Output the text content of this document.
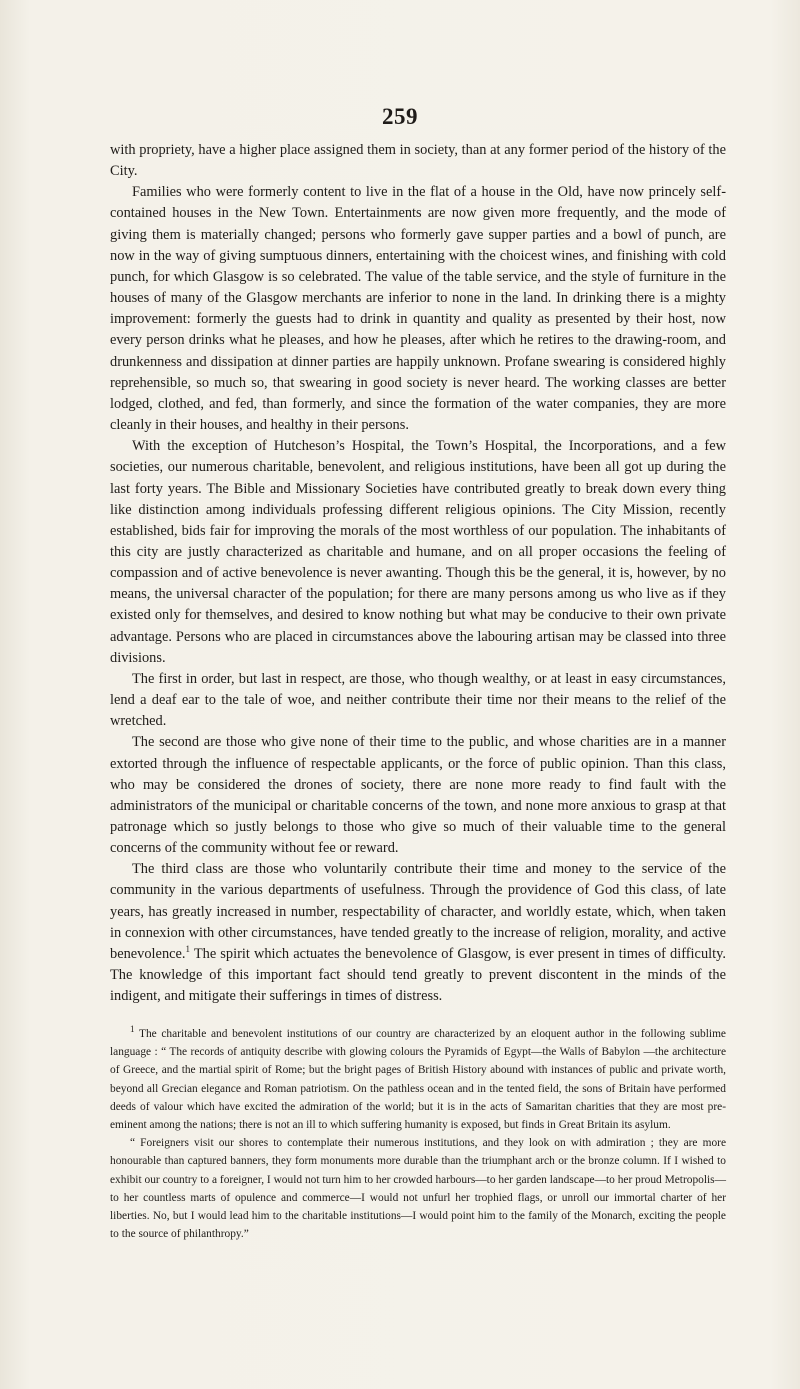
259

with propriety, have a higher place assigned them in society, than at any former period of the history of the City.

Families who were formerly content to live in the flat of a house in the Old, have now princely self-contained houses in the New Town. Entertainments are now given more frequently, and the mode of giving them is materially changed; persons who formerly gave supper parties and a bowl of punch, are now in the way of giving sumptuous dinners, entertaining with the choicest wines, and finishing with cold punch, for which Glasgow is so celebrated. The value of the table service, and the style of furniture in the houses of many of the Glasgow merchants are inferior to none in the land. In drinking there is a mighty improvement: formerly the guests had to drink in quantity and quality as presented by their host, now every person drinks what he pleases, and how he pleases, after which he retires to the drawing-room, and drunkenness and dissipation at dinner parties are happily unknown. Profane swearing is considered highly reprehensible, so much so, that swearing in good society is never heard. The working classes are better lodged, clothed, and fed, than formerly, and since the formation of the water companies, they are more cleanly in their houses, and healthy in their persons.

With the exception of Hutcheson’s Hospital, the Town’s Hospital, the Incorporations, and a few societies, our numerous charitable, benevolent, and religious institutions, have been all got up during the last forty years. The Bible and Missionary Societies have contributed greatly to break down every thing like distinction among individuals professing different religious opinions. The City Mission, recently established, bids fair for improving the morals of the most worthless of our population. The inhabitants of this city are justly characterized as charitable and humane, and on all proper occasions the feeling of compassion and of active benevolence is never awanting. Though this be the general, it is, however, by no means, the universal character of the population; for there are many persons among us who live as if they existed only for themselves, and desired to know nothing but what may be conducive to their own private advantage. Persons who are placed in circumstances above the labouring artisan may be classed into three divisions.

The first in order, but last in respect, are those, who though wealthy, or at least in easy circumstances, lend a deaf ear to the tale of woe, and neither contribute their time nor their means to the relief of the wretched.

The second are those who give none of their time to the public, and whose charities are in a manner extorted through the influence of respectable applicants, or the force of public opinion. Than this class, who may be considered the drones of society, there are none more ready to find fault with the administrators of the municipal or charitable concerns of the town, and none more anxious to grasp at that patronage which so justly belongs to those who give so much of their valuable time to the general concerns of the community without fee or reward.

The third class are those who voluntarily contribute their time and money to the service of the community in the various departments of usefulness. Through the providence of God this class, of late years, has greatly increased in number, respectability of character, and worldly estate, which, when taken in connexion with other circumstances, have tended greatly to the increase of religion, morality, and active benevolence.$^1$ The spirit which actuates the benevolence of Glasgow, is ever present in times of difficulty. The knowledge of this important fact should tend greatly to prevent discontent in the minds of the indigent, and mitigate their sufferings in times of distress.

$^1$ The charitable and benevolent institutions of our country are characterized by an eloquent author in the following sublime language : “ The records of antiquity describe with glowing colours the Pyramids of Egypt—the Walls of Babylon —the architecture of Greece, and the martial spirit of Rome; but the bright pages of British History abound with instances of public and private worth, beyond all Grecian elegance and Roman patriotism. On the pathless ocean and in the tented field, the sons of Britain have performed deeds of valour which have excited the admiration of the world; but it is in the acts of Samaritan charities that they are most pre-eminent among the nations; there is not an ill to which suffering humanity is exposed, but finds in Great Britain its asylum.

“ Foreigners visit our shores to contemplate their numerous institutions, and they look on with admiration ; they are more honourable than captured banners, they form monuments more durable than the triumphant arch or the bronze column. If I wished to exhibit our country to a foreigner, I would not turn him to her crowded harbours—to her garden landscape—to her proud Metropolis—to her countless marts of opulence and commerce—I would not unfurl her trophied flags, or unroll our immortal charter of her liberties. No, but I would lead him to the charitable institutions—I would point him to the family of the Monarch, exciting the people to the source of philanthropy.”
